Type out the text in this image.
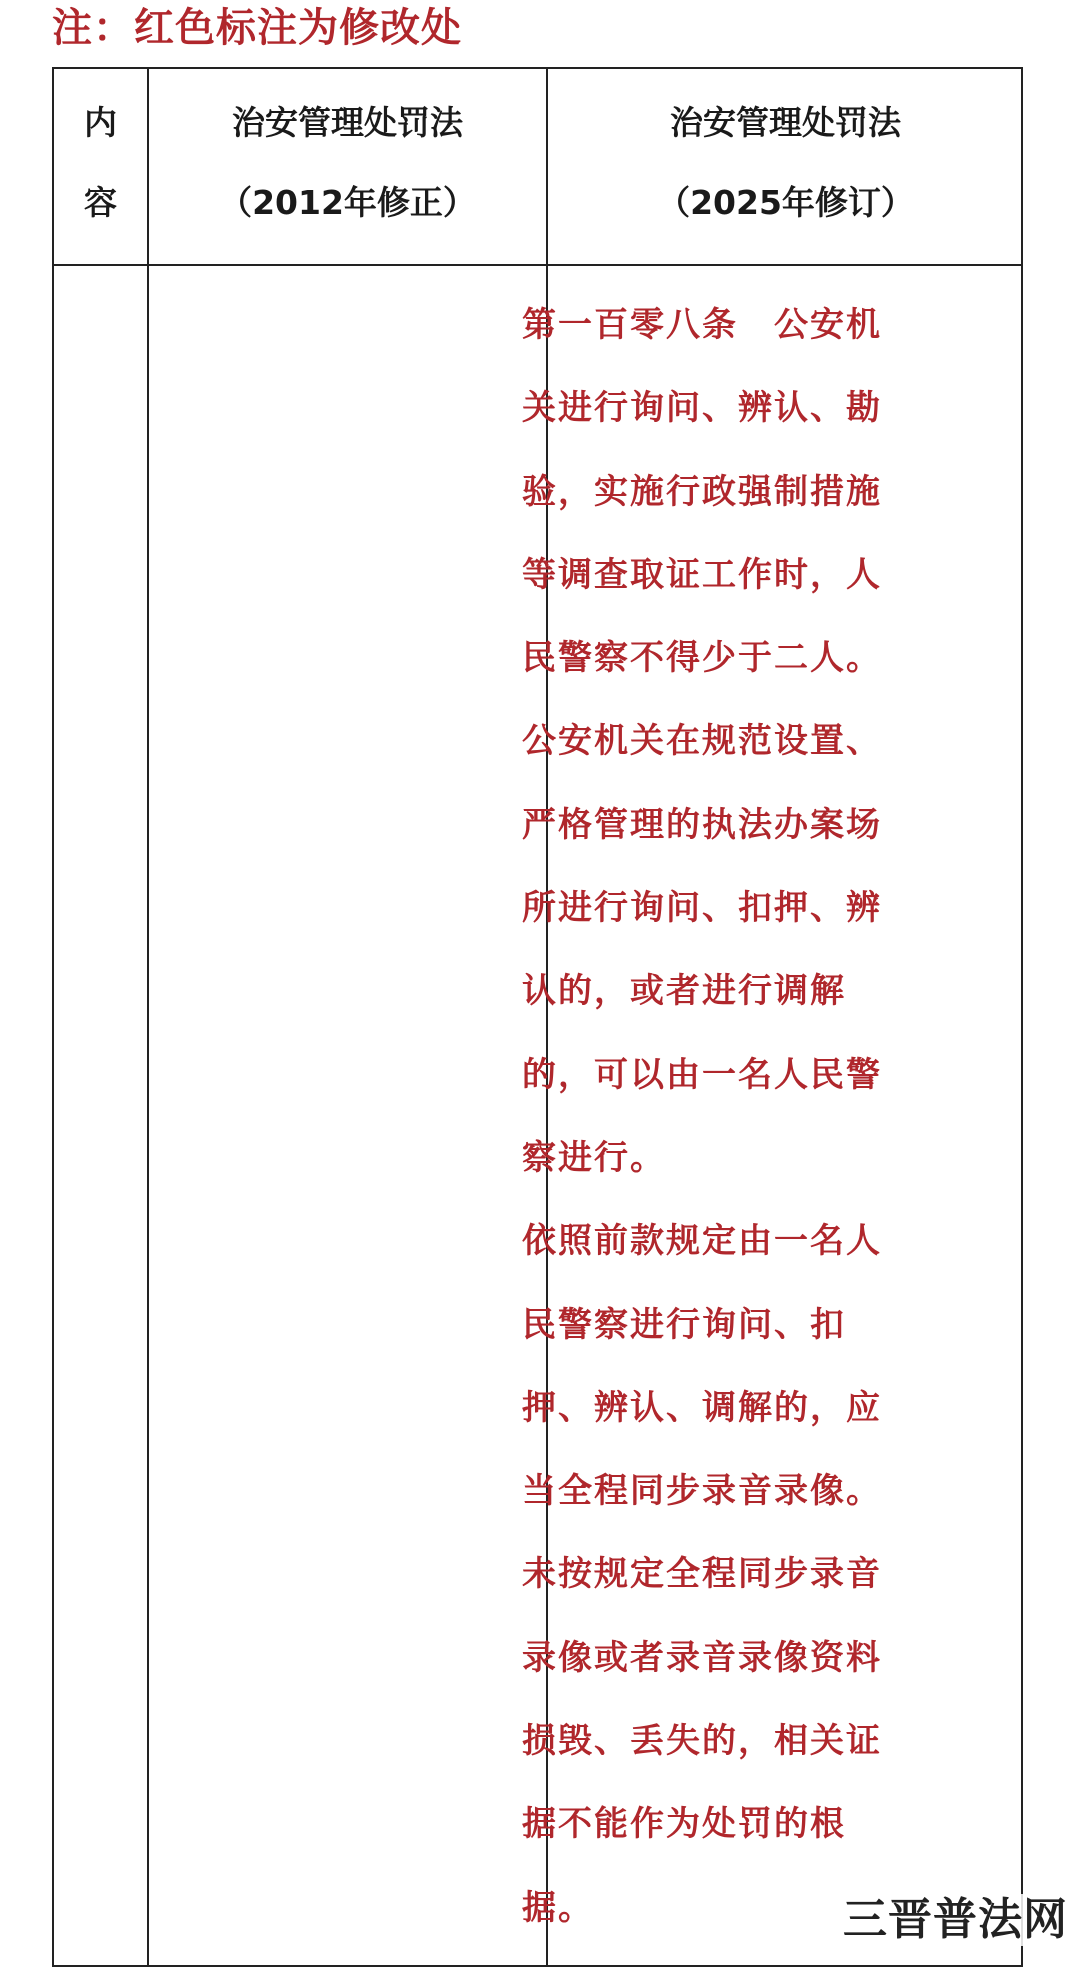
注：红色标注为修改处
内
容
治安管理处罚法
（2012年修正）
治安管理处罚法
（2025年修订）
第一百零八条　公安机
关进行询问、辨认、勘
验，实施行政强制措施
等调查取证工作时，人
民警察不得少于二人。
公安机关在规范设置、
严格管理的执法办案场
所进行询问、扣押、辨
认的，或者进行调解
的，可以由一名人民警
察进行。
依照前款规定由一名人
民警察进行询问、扣
押、辨认、调解的，应
当全程同步录音录像。
未按规定全程同步录音
录像或者录音录像资料
损毁、丢失的，相关证
据不能作为处罚的根
据。	三晋普法网
